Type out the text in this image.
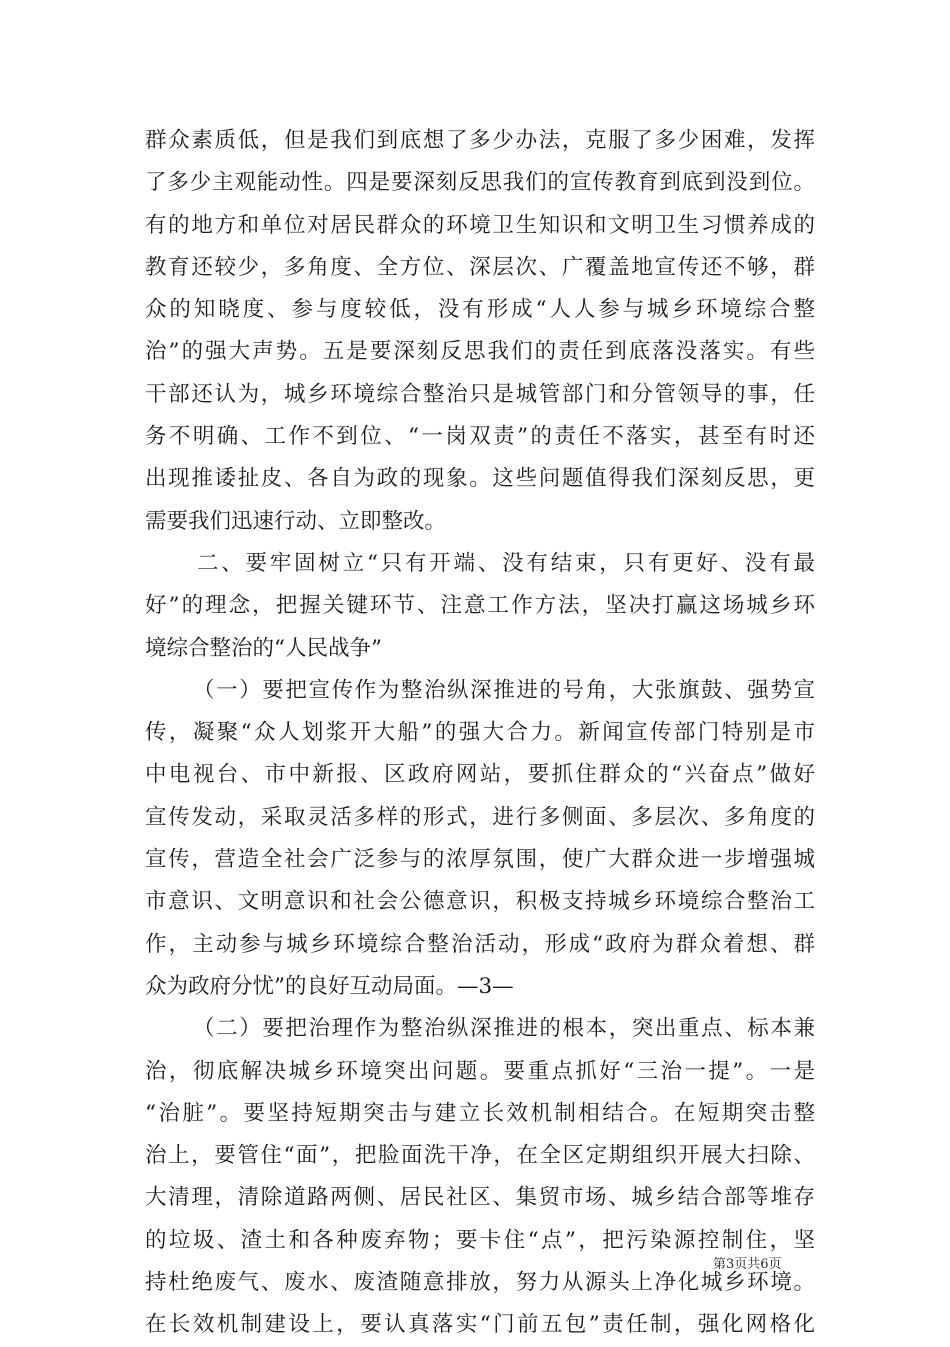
群众素质低，但是我们到底想了多少办法，克服了多少困难，发挥
了多少主观能动性。四是要深刻反思我们的宣传教育到底到没到位。
有的地方和单位对居民群众的环境卫生知识和文明卫生习惯养成的
教育还较少，多角度、全方位、深层次、广覆盖地宣传还不够，群
众的知晓度、参与度较低，没有形成“人人参与城乡环境综合整
治”的强大声势。五是要深刻反思我们的责任到底落没落实。有些
干部还认为，城乡环境综合整治只是城管部门和分管领导的事，任
务不明确、工作不到位、“一岗双责”的责任不落实，甚至有时还
出现推诿扯皮、各自为政的现象。这些问题值得我们深刻反思，更
需要我们迅速行动、立即整改。
二、要牢固树立“只有开端、没有结束，只有更好、没有最
好”的理念，把握关键环节、注意工作方法，坚决打赢这场城乡环
境综合整治的“人民战争”
（一）要把宣传作为整治纵深推进的号角，大张旗鼓、强势宣
传，凝聚“众人划浆开大船”的强大合力。新闻宣传部门特别是市
中电视台、市中新报、区政府网站，要抓住群众的“兴奋点”做好
宣传发动，采取灵活多样的形式，进行多侧面、多层次、多角度的
宣传，营造全社会广泛参与的浓厚氛围，使广大群众进一步增强城
市意识、文明意识和社会公德意识，积极支持城乡环境综合整治工
作，主动参与城乡环境综合整治活动，形成“政府为群众着想、群
众为政府分忧”的良好互动局面。—3—
（二）要把治理作为整治纵深推进的根本，突出重点、标本兼
治，彻底解决城乡环境突出问题。要重点抓好“三治一提”。一是
“治脏”。要坚持短期突击与建立长效机制相结合。在短期突击整
治上，要管住“面”，把脸面洗干净，在全区定期组织开展大扫除、
大清理，清除道路两侧、居民社区、集贸市场、城乡结合部等堆存
的垃圾、渣土和各种废弃物；要卡住“点”，把污染源控制住，坚
持杜绝废气、废水、废渣随意排放，努力从源头上净化城乡环境。
在长效机制建设上，要认真落实“门前五包”责任制，强化网格化
第3页共6页
